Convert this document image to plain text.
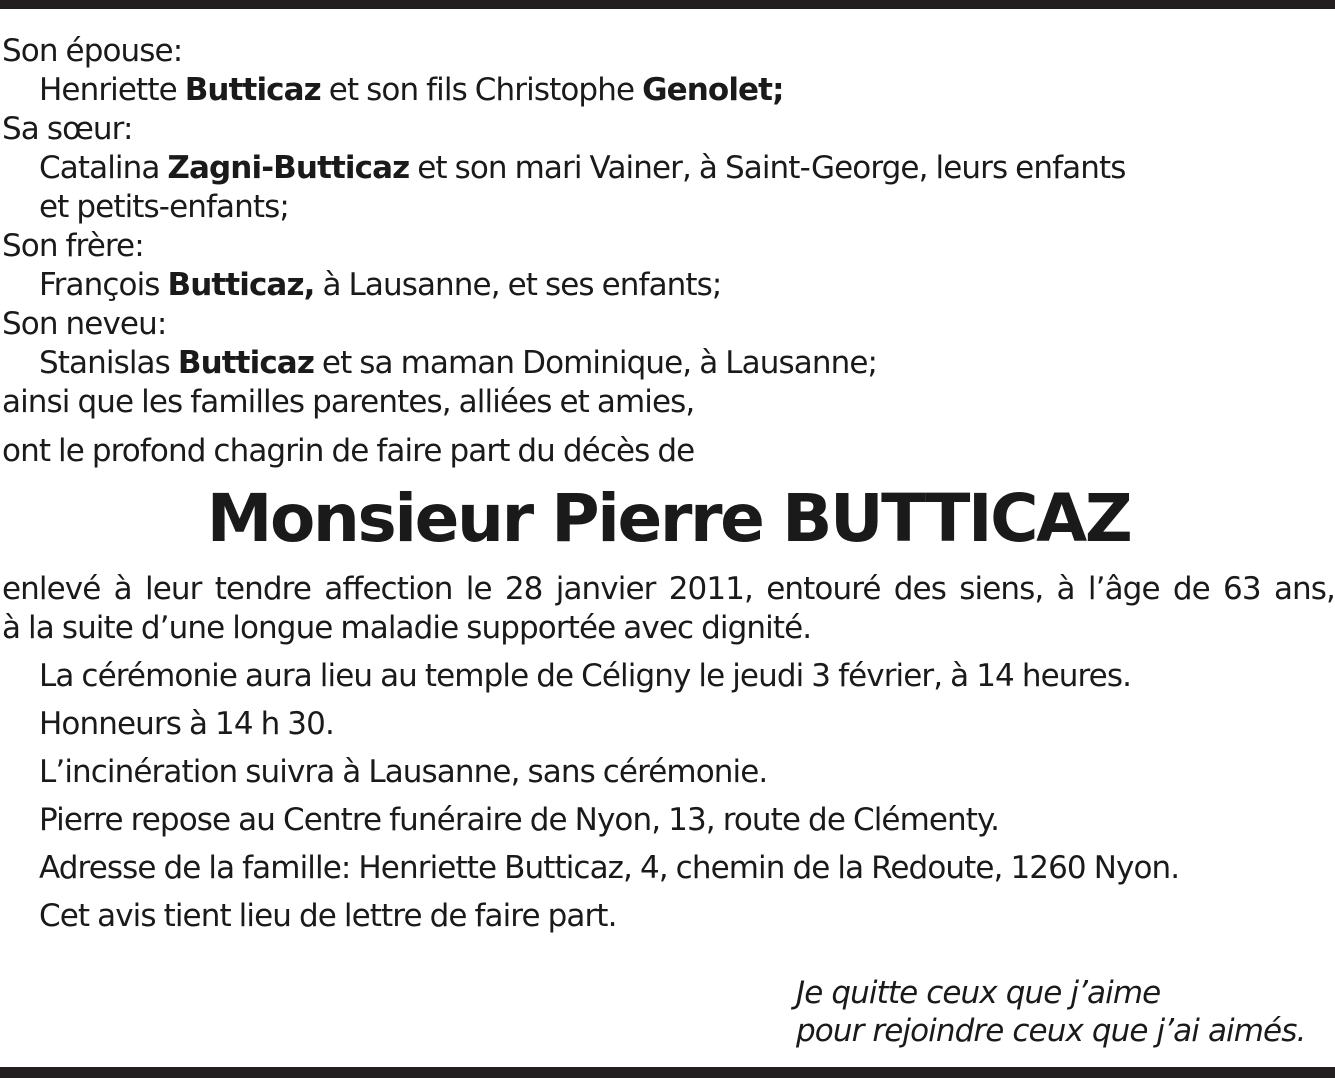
Son épouse:
Henriette Butticaz et son fils Christophe Genolet;
Sa sœur:
Catalina Zagni-Butticaz et son mari Vainer, à Saint-George, leurs enfants
et petits-enfants;
Son frère:
François Butticaz, à Lausanne, et ses enfants;
Son neveu:
Stanislas Butticaz et sa maman Dominique, à Lausanne;
ainsi que les familles parentes, alliées et amies,
ont le profond chagrin de faire part du décès de
Monsieur Pierre BUTTICAZ
enlevé à leur tendre affection le 28 janvier 2011, entouré des siens, à l’âge de 63 ans,
à la suite d’une longue maladie supportée avec dignité.
La cérémonie aura lieu au temple de Céligny le jeudi 3 février, à 14 heures.
Honneurs à 14 h 30.
L’incinération suivra à Lausanne, sans cérémonie.
Pierre repose au Centre funéraire de Nyon, 13, route de Clémenty.
Adresse de la famille: Henriette Butticaz, 4, chemin de la Redoute, 1260 Nyon.
Cet avis tient lieu de lettre de faire part.
Je quitte ceux que j’aime
pour rejoindre ceux que j’ai aimés.
